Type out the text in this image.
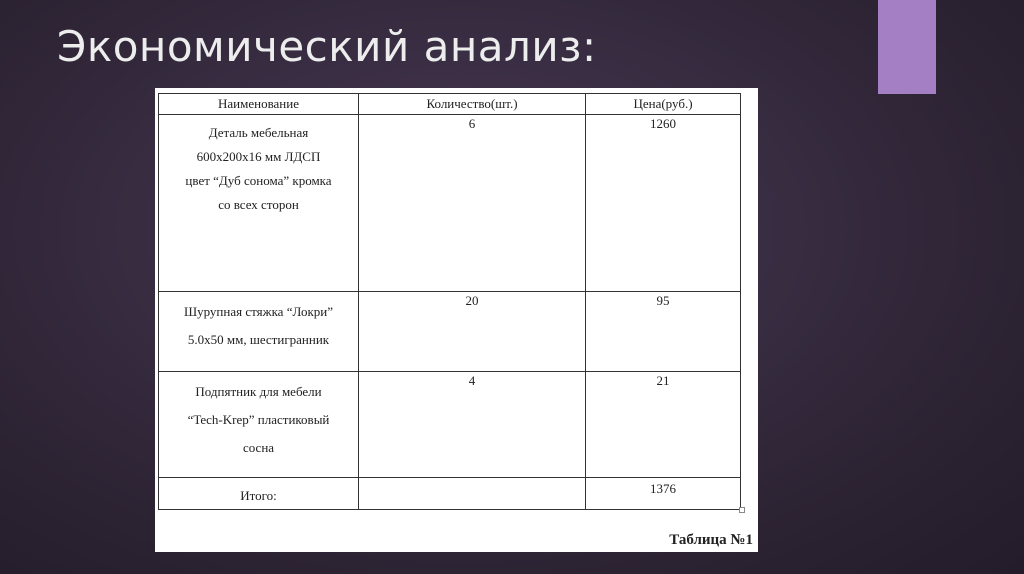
Экономический анализ:
Наименование	Количество(шт.)	Цена(руб.)

Деталь мебельная
600x200x16 мм ЛДСП
цвет “Дуб сонома” кромка
со всех сторон	6	1260

Шурупная стяжка “Локри”
5.0x50 мм, шестигранник	20	95

Подпятник для мебели
“Tech-Krep” пластиковый
сосна	4	21

Итого:		1376
Таблица №1
